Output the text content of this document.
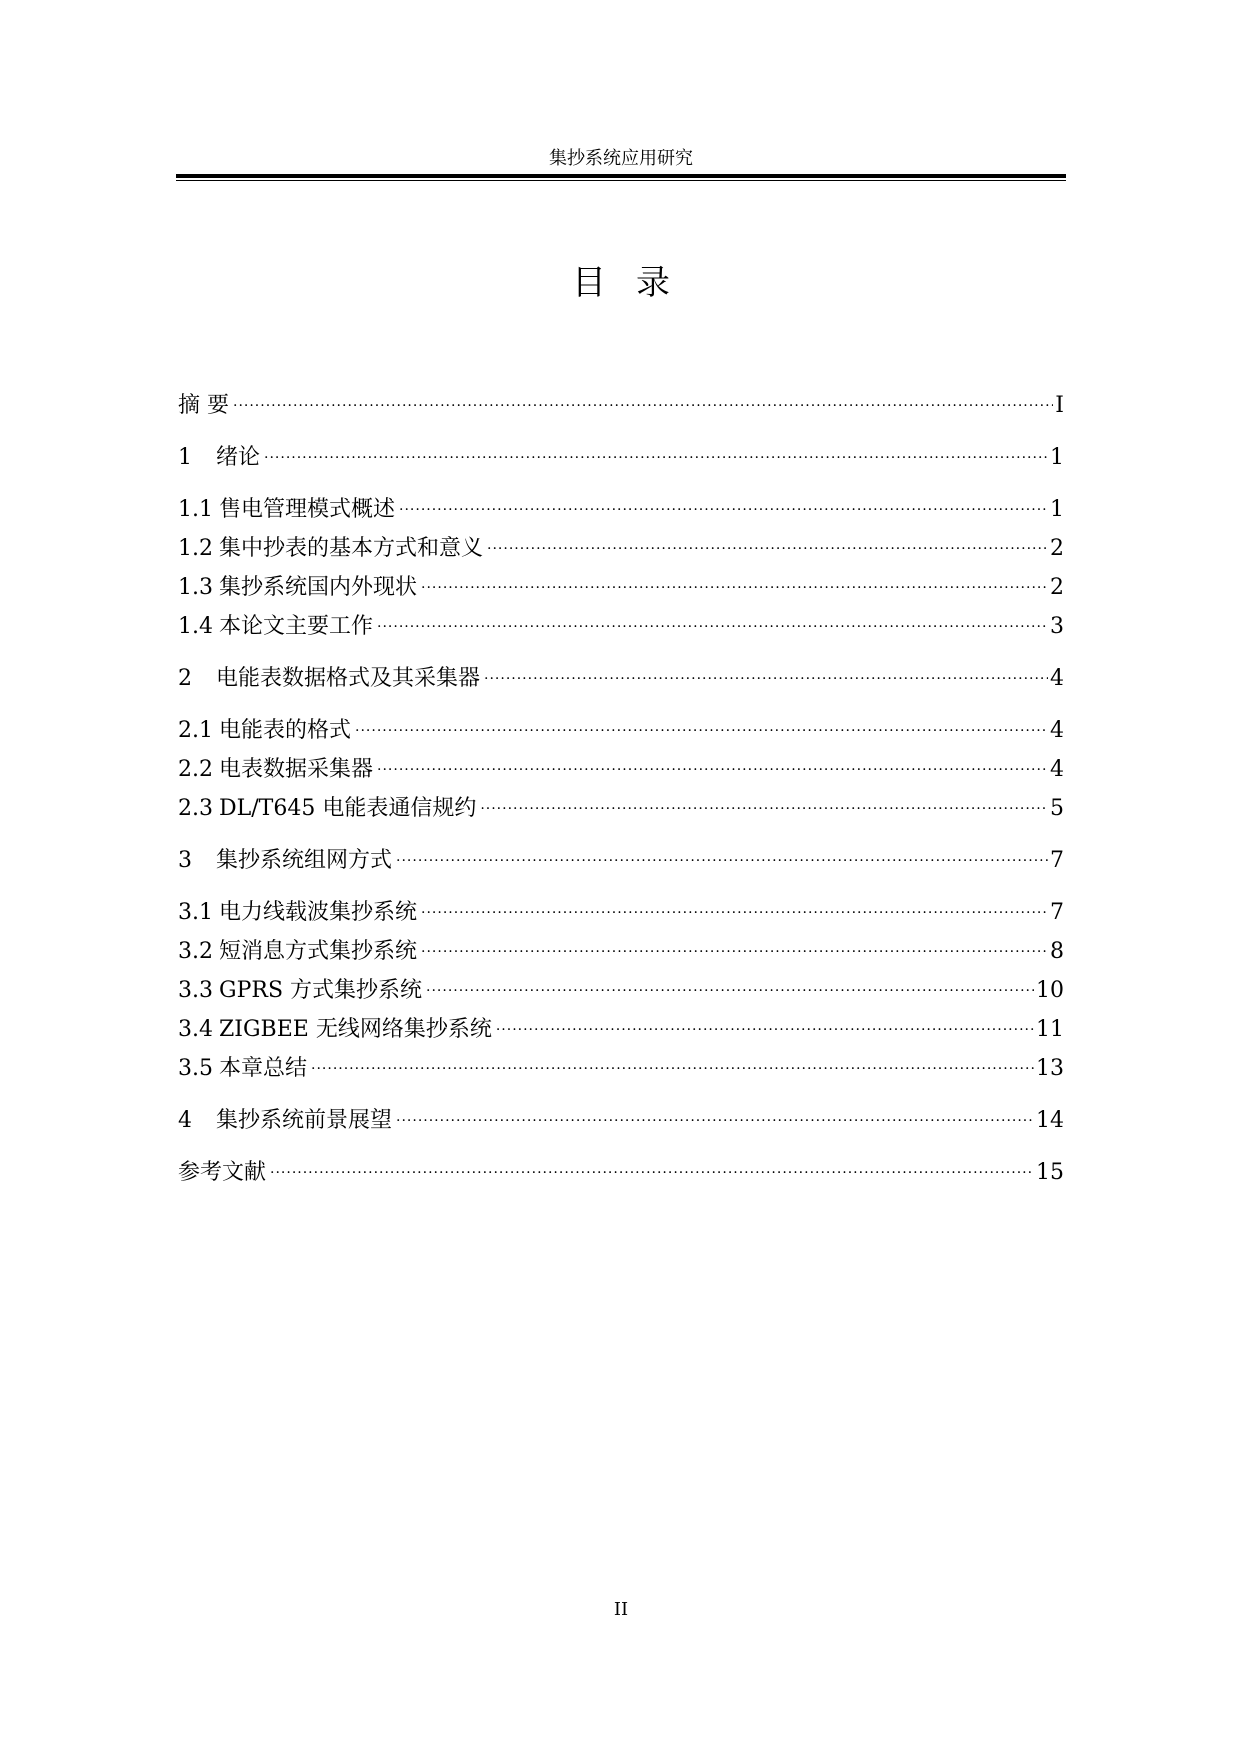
集抄系统应用研究
目录
摘 要 .....	I
1 绪论 .....	1
1.1 售电管理模式概述 .....	1
1.2 集中抄表的基本方式和意义 .....	2
1.3 集抄系统国内外现状 .....	2
1.4 本论文主要工作 .....	3
2 电能表数据格式及其采集器 .....	4
2.1 电能表的格式 .....	4
2.2 电表数据采集器 .....	4
2.3 DL/T645 电能表通信规约 .....	5
3 集抄系统组网方式 .....	7
3.1 电力线载波集抄系统 .....	7
3.2 短消息方式集抄系统 .....	8
3.3 GPRS 方式集抄系统 .....	10
3.4 ZIGBEE 无线网络集抄系统 .....	11
3.5 本章总结 .....	13
4 集抄系统前景展望 .....	14
参考文献 .....	15
II
